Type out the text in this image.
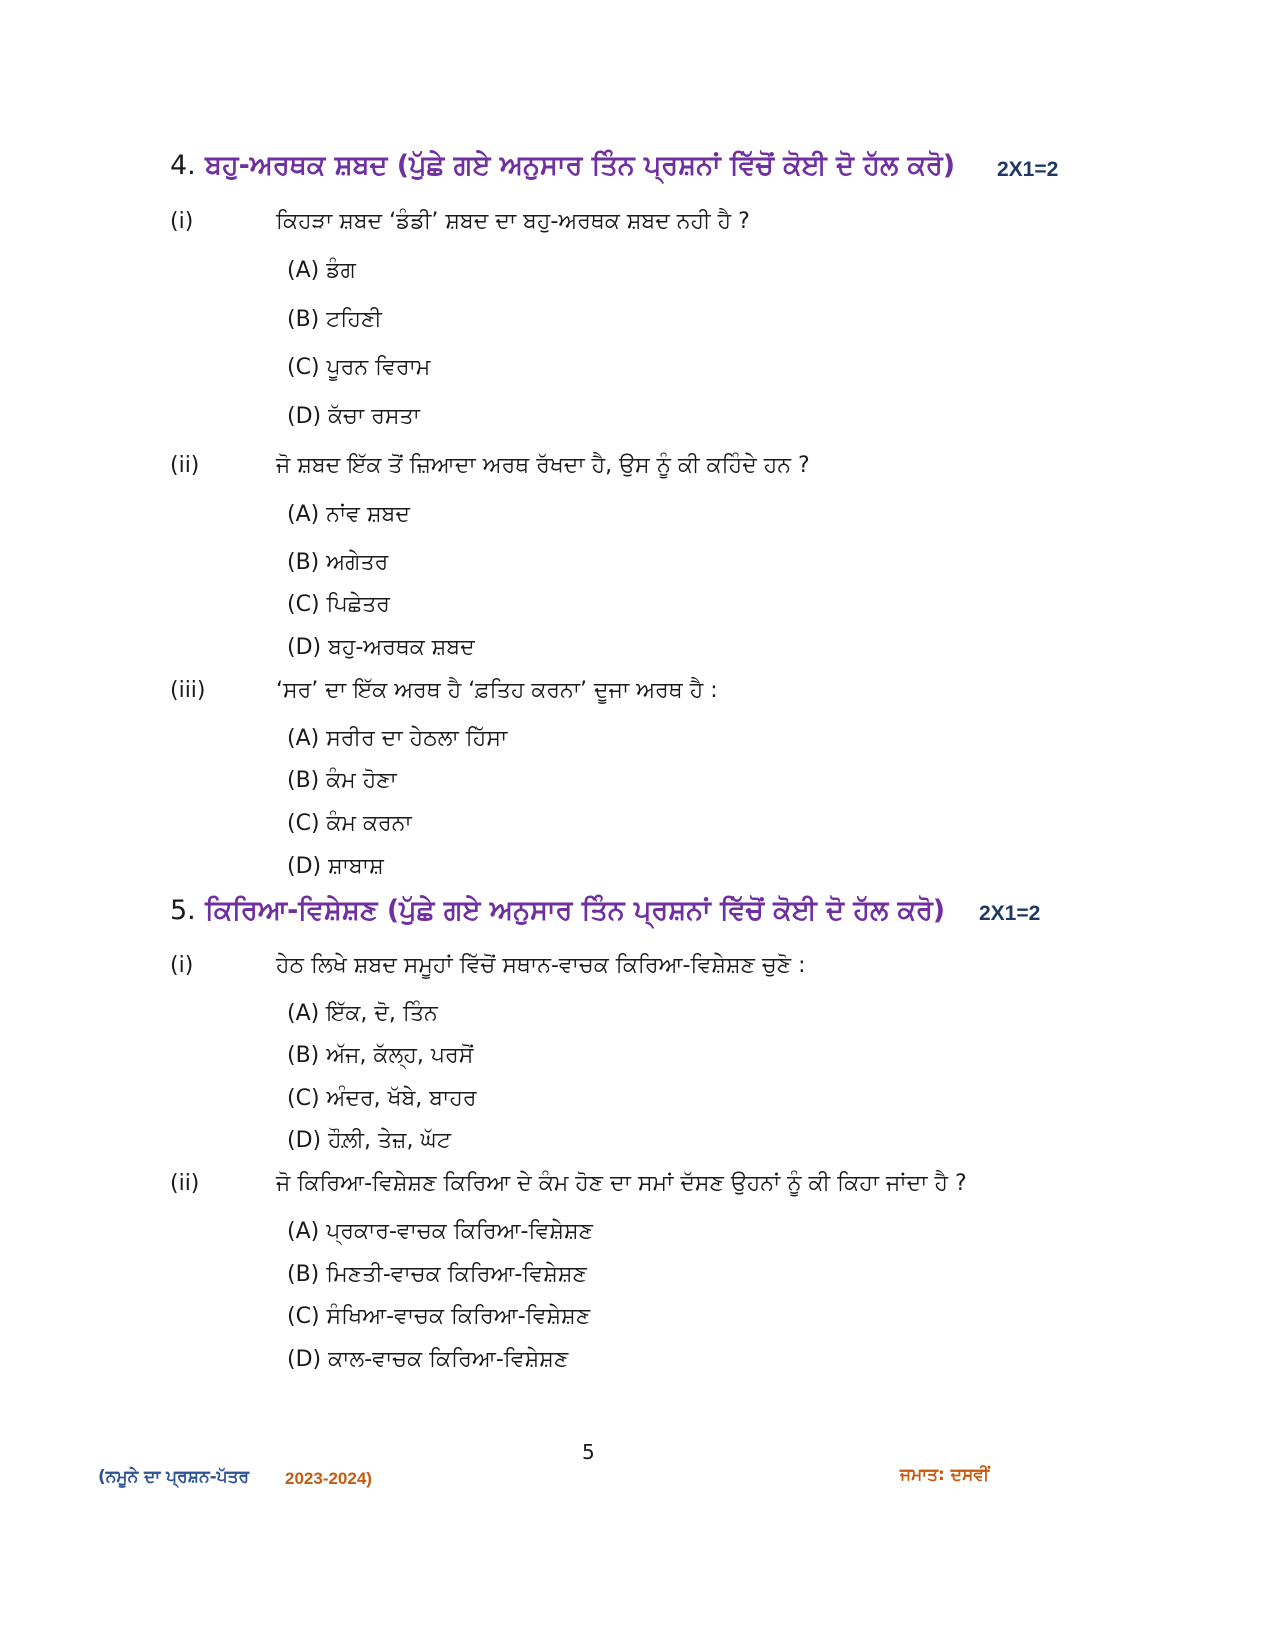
4. ਬਹੁ-ਅਰਥਕ ਸ਼ਬਦ (ਪੁੱਛੇ ਗਏ ਅਨੁਸਾਰ ਤਿੰਨ ਪ੍ਰਸ਼ਨਾਂ ਵਿੱਚੋਂ ਕੋਈ ਦੋ ਹੱਲ ਕਰੋ) 2X1=2
(i)	ਕਿਹੜਾ ਸ਼ਬਦ ‘ਡੰਡੀ’ ਸ਼ਬਦ ਦਾ ਬਹੁ-ਅਰਥਕ ਸ਼ਬਦ ਨਹੀ ਹੈ ?
(A) ਡੰਗ
(B) ਟਹਿਣੀ
(C) ਪੂਰਨ ਵਿਰਾਮ
(D) ਕੱਚਾ ਰਸਤਾ
(ii)	ਜੋ ਸ਼ਬਦ ਇੱਕ ਤੋਂ ਜ਼ਿਆਦਾ ਅਰਥ ਰੱਖਦਾ ਹੈ, ਉਸ ਨੂੰ ਕੀ ਕਹਿੰਦੇ ਹਨ ?
(A) ਨਾਂਵ ਸ਼ਬਦ
(B) ਅਗੇਤਰ
(C) ਪਿਛੇਤਰ
(D) ਬਹੁ-ਅਰਥਕ ਸ਼ਬਦ
(iii)	‘ਸਰ’ ਦਾ ਇੱਕ ਅਰਥ ਹੈ ‘ਫ਼ਤਿਹ ਕਰਨਾ’ ਦੂਜਾ ਅਰਥ ਹੈ :
(A) ਸਰੀਰ ਦਾ ਹੇਠਲਾ ਹਿੱਸਾ
(B) ਕੰਮ ਹੋਣਾ
(C) ਕੰਮ ਕਰਨਾ
(D) ਸ਼ਾਬਾਸ਼
5. ਕਿਰਿਆ-ਵਿਸ਼ੇਸ਼ਣ (ਪੁੱਛੇ ਗਏ ਅਨੁਸਾਰ ਤਿੰਨ ਪ੍ਰਸ਼ਨਾਂ ਵਿੱਚੋਂ ਕੋਈ ਦੋ ਹੱਲ ਕਰੋ) 2X1=2
(i)	ਹੇਠ ਲਿਖੇ ਸ਼ਬਦ ਸਮੂਹਾਂ ਵਿੱਚੋਂ ਸਥਾਨ-ਵਾਚਕ ਕਿਰਿਆ-ਵਿਸ਼ੇਸ਼ਣ ਚੁਣੋ :
(A) ਇੱਕ, ਦੋ, ਤਿੰਨ
(B) ਅੱਜ, ਕੱਲ੍ਹ, ਪਰਸੋਂ
(C) ਅੰਦਰ, ਖੱਬੇ, ਬਾਹਰ
(D) ਹੌਲ਼ੀ, ਤੇਜ਼, ਘੱਟ
(ii)	ਜੋ ਕਿਰਿਆ-ਵਿਸ਼ੇਸ਼ਣ ਕਿਰਿਆ ਦੇ ਕੰਮ ਹੋਣ ਦਾ ਸਮਾਂ ਦੱਸਣ ਉਹਨਾਂ ਨੂੰ ਕੀ ਕਿਹਾ ਜਾਂਦਾ ਹੈ ?
(A) ਪ੍ਰਕਾਰ-ਵਾਚਕ ਕਿਰਿਆ-ਵਿਸ਼ੇਸ਼ਣ
(B) ਮਿਣਤੀ-ਵਾਚਕ ਕਿਰਿਆ-ਵਿਸ਼ੇਸ਼ਣ
(C) ਸੰਖਿਆ-ਵਾਚਕ ਕਿਰਿਆ-ਵਿਸ਼ੇਸ਼ਣ
(D) ਕਾਲ-ਵਾਚਕ ਕਿਰਿਆ-ਵਿਸ਼ੇਸ਼ਣ
5
(ਨਮੂਨੇ ਦਾ ਪ੍ਰਸ਼ਨ-ਪੱਤਰ 2023-2024)	ਜਮਾਤ: ਦਸਵੀਂ
